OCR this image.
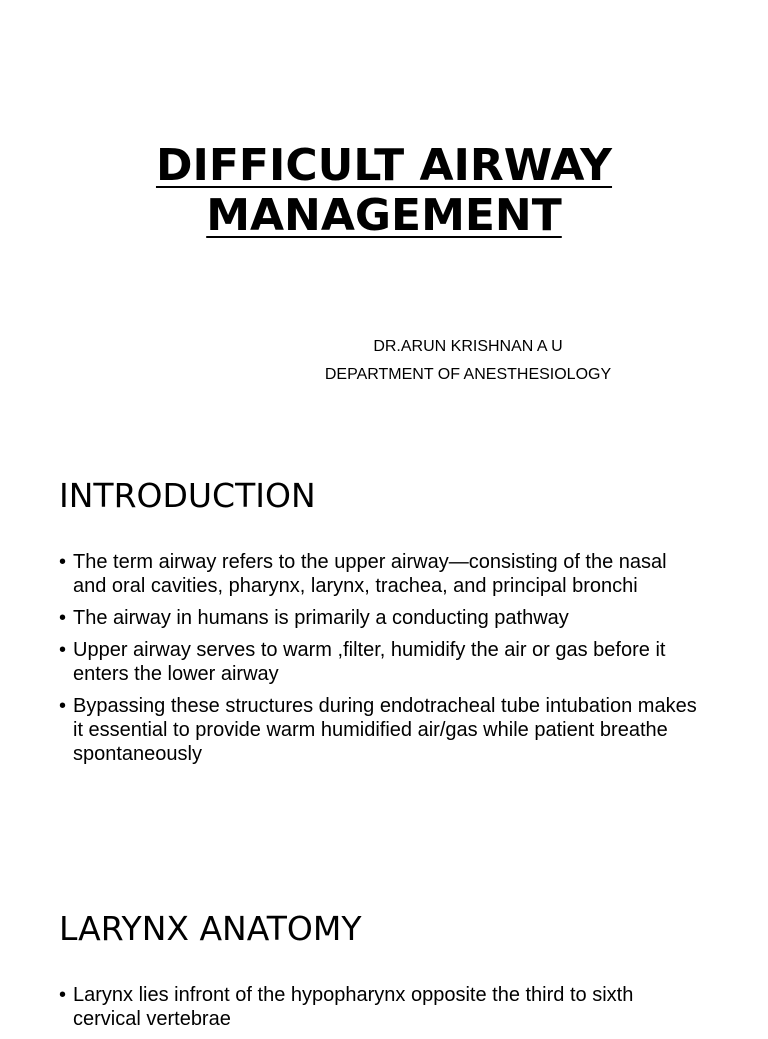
DIFFICULT AIRWAY
MANAGEMENT
DR.ARUN KRISHNAN A U
DEPARTMENT OF ANESTHESIOLOGY
INTRODUCTION
• The term airway refers to the upper airway—consisting of the nasal and oral cavities, pharynx, larynx, trachea, and principal bronchi
• The airway in humans is primarily a conducting pathway
• Upper airway serves to warm ,filter, humidify the air or gas before it enters the lower airway
• Bypassing these structures during endotracheal tube intubation makes it essential to provide warm humidified air/gas while patient breathe spontaneously
LARYNX ANATOMY
• Larynx lies infront of the hypopharynx opposite the third to sixth cervical vertebrae
